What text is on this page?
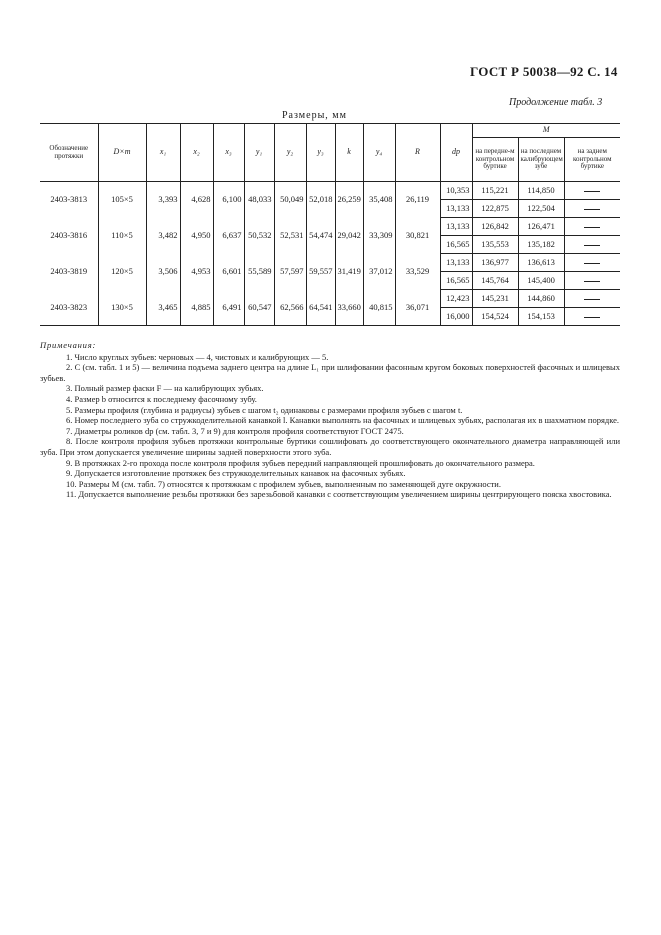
ГОСТ Р 50038—92 С. 14
Продолжение табл. 3
Размеры, мм
Обозначение протяжки	D×m	x₁	x₂	x₃	y₁	y₂	y₃	k	y₄	R	dp	M		
												на передне-м контрольном буртике	на последнем калибрующем зубе	на заднем контрольном буртике
2403-3813	105×5	3,393	4,628	6,100	48,033	50,049	52,018	26,259	35,408	26,119	10,353	115,221	114,850	
											13,133	122,875	122,504	
2403-3816	110×5	3,482	4,950	6,637	50,532	52,531	54,474	29,042	33,309	30,821	13,133	126,842	126,471	
											16,565	135,553	135,182	
2403-3819	120×5	3,506	4,953	6,601	55,589	57,597	59,557	31,419	37,012	33,529	13,133	136,977	136,613	
											16,565	145,764	145,400	
2403-3823	130×5	3,465	4,885	6,491	60,547	62,566	64,541	33,660	40,815	36,071	12,423	145,231	144,860	
											16,000	154,524	154,153	
Примечания:

1. Число круглых зубьев: черновых — 4, чистовых и калибрующих — 5.

2. C (см. табл. 1 и 5) — величина подъема заднего центра на длине L₁ при шлифовании фасонным кругом боковых поверхностей фасочных и шлицевых зубьев.

3. Полный размер фаски F — на калибрующих зубьях.

4. Размер b относится к последнему фасочному зубу.

5. Размеры профиля (глубина и радиусы) зубьев с шагом t₂ одинаковы с размерами профиля зубьев с шагом t.

6. Номер последнего зуба со стружкоделительной канавкой l. Канавки выполнять на фасочных и шлицевых зубьях, располагая их в шахматном порядке.

7. Диаметры роликов dp (см. табл. 3, 7 и 9) для контроля профиля соответствуют ГОСТ 2475.

8. После контроля профиля зубьев протяжки контрольные буртики сошлифовать до соответствующего окончательного диаметра направляющей или зуба. При этом допускается увеличение ширины задней поверхности этого зуба.

9. В протяжках 2-го прохода после контроля профиля зубьев передний направляющей прошлифовать до окончательного размера.

9. Допускается изготовление протяжек без стружкоделительных канавок на фасочных зубьях.

10. Размеры M (см. табл. 7) относятся к протяжкам с профилем зубьев, выполненным по заменяющей дуге окружности.

11. Допускается выполнение резьбы протяжки без зарезьбовой канавки с соответствующим увеличением ширины центрирующего пояска хвостовика.
